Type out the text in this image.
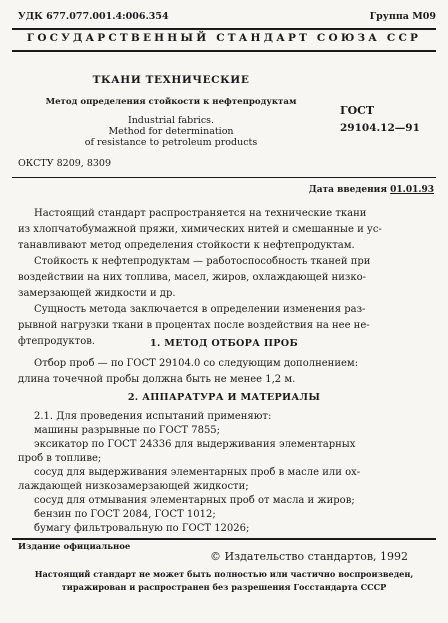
УДК 677.077.001.4:006.354	Группа М09
ГОСУДАРСТВЕННЫЙ СТАНДАРТ СОЮЗА ССР
ТКАНИ ТЕХНИЧЕСКИЕ
Метод определения стойкости к нефтепродуктам
Industrial fabrics.
Method for determination
of resistance to petroleum products
ГОСТ
29104.12—91
ОКСТУ 8209, 8309
Дата введения 01.01.93
Настоящий стандарт распространяется на технические ткани
из хлопчатобумажной пряжи, химических нитей и смешанные и ус-
танавливают метод определения стойкости к нефтепродуктам.
Стойкость к нефтепродуктам — работоспособность тканей при
воздействии на них топлива, масел, жиров, охлаждающей низко-
замерзающей жидкости и др.
Сущность метода заключается в определении изменения раз-
рывной нагрузки ткани в процентах после воздействия на нее не-
фтепродуктов.	1. МЕТОД ОТБОРА ПРОБ
Отбор проб — по ГОСТ 29104.0 со следующим дополнением:
длина точечной пробы должна быть не менее 1,2 м.
2. АППАРАТУРА И МАТЕРИАЛЫ
2.1. Для проведения испытаний применяют:
машины разрывные по ГОСТ 7855;
эксикатор по ГОСТ 24336 для выдерживания элементарных
проб в топливе;
сосуд для выдерживания элементарных проб в масле или ох-
лаждающей низкозамерзающей жидкости;
сосуд для отмывания элементарных проб от масла и жиров;
бензин по ГОСТ 2084, ГОСТ 1012;
бумагу фильтровальную по ГОСТ 12026;
Издание официальное
© Издательство стандартов, 1992
Настоящий стандарт не может быть полностью или частично воспроизведен,
тиражирован и распространен без разрешения Госстандарта СССР
